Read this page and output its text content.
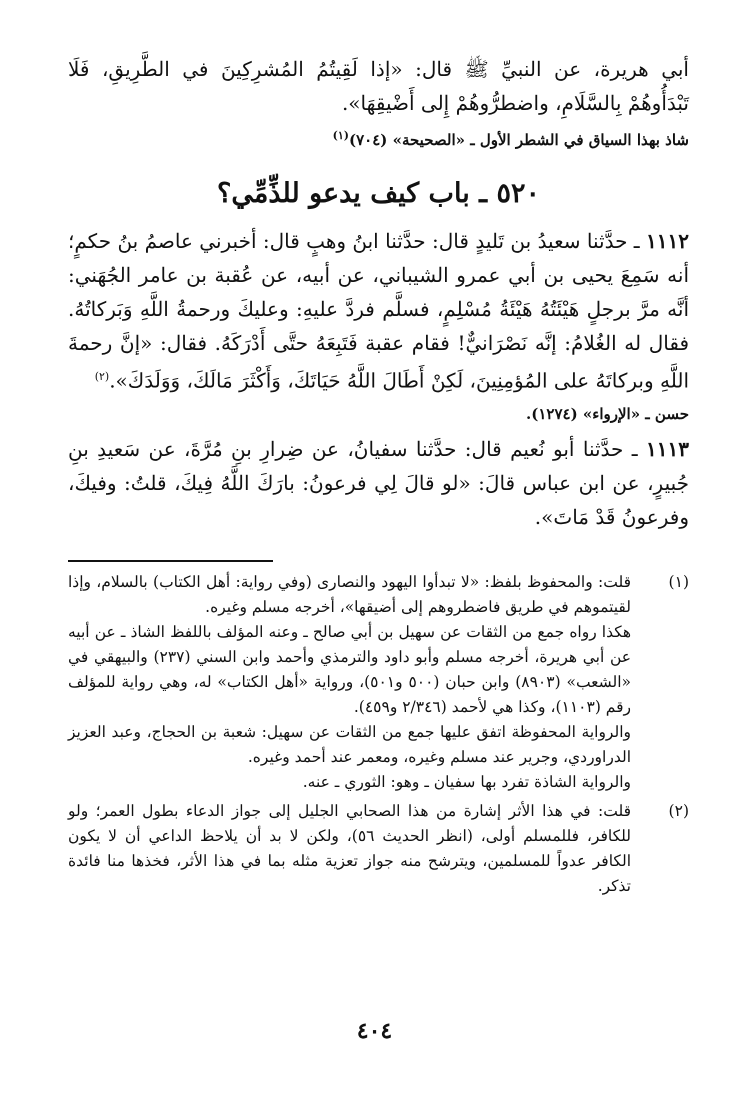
أبي هريرة، عن النبيِّ ﷺ قال: «إذا لَقِيتُمُ المُشرِكِينَ في الطَّرِيقِ، فَلَا تَبْدَأُوهُمْ بِالسَّلَامِ، واضطرُّوهُمْ إِلى أَضْيقِهَا».

شاذ بهذا السياق في الشطر الأول ـ «الصحيحة» (٧٠٤)$^{(١)}$
٥٢٠ ـ باب كيف يدعو للذِّمِّي؟

١١١٢ ـ حدَّثنا سعيدُ بن تَليدٍ قال: حدَّثنا ابنُ وهبٍ قال: أخبرني عاصمُ بنُ حكمٍ؛ أنه سَمِعَ يحيى بن أبي عمرو الشيباني، عن أبيه، عن عُقبة بن عامر الجُهَني: أنَّه مرَّ برجلٍ هَيْئَتُهُ هَيْئَةُ مُسْلِمٍ، فسلَّم فردَّ عليهِ: وعليكَ ورحمةُ اللَّهِ وَبَركاتُهُ. فقال له الغُلامُ: إنَّه نَصْرَانيٌّ! فقام عقبة فَتَبِعَهُ حتَّى أَدْرَكَهُ. فقال: «إنَّ رحمةَ اللَّهِ وبركاتَهُ على المُؤمِنِينَ، لَكِنْ أَطَالَ اللَّهُ حَيَاتَكَ، وَأَكْثَرَ مَالَكَ، وَوَلَدَكَ».$^{(٢)}$

حسن ـ «الإرواء» (١٢٧٤).

١١١٣ ـ حدَّثنا أبو نُعيم قال: حدَّثنا سفيانُ، عن ضِرارِ بنِ مُرَّةَ، عن سَعيدِ بنِ جُبيرٍ، عن ابن عباس قالَ: «لو قالَ لِي فرعونُ: بارَكَ اللَّهُ فِيكَ، قلتُ: وفيكَ، وفرعونُ قَدْ مَاتَ».

(١)

قلت: والمحفوظ بلفظ: «لا تبدأوا اليهود والنصارى (وفي رواية: أهل الكتاب) بالسلام، وإذا لقيتموهم في طريق فاضطروهم إلى أضيقها»، أخرجه مسلم وغيره.

هكذا رواه جمع من الثقات عن سهيل بن أبي صالح ـ وعنه المؤلف باللفظ الشاذ ـ عن أبيه عن أبي هريرة، أخرجه مسلم وأبو داود والترمذي وأحمد وابن السني (٢٣٧) والبيهقي في «الشعب» (٨٩٠٣) وابن حبان (٥٠٠ و٥٠١)، ورواية «أهل الكتاب» له، وهي رواية للمؤلف رقم (١١٠٣)، وكذا هي لأحمد (٢/٣٤٦ و٤٥٩).

والرواية المحفوظة اتفق عليها جمع من الثقات عن سهيل: شعبة بن الحجاج، وعبد العزيز الدراوردي، وجرير عند مسلم وغيره، ومعمر عند أحمد وغيره.

والرواية الشاذة تفرد بها سفيان ـ وهو: الثوري ـ عنه.

(٢)

قلت: في هذا الأثر إشارة من هذا الصحابي الجليل إلى جواز الدعاء بطول العمر؛ ولو للكافر، فللمسلم أولى، (انظر الحديث ٥٦)، ولكن لا بد أن يلاحظ الداعي أن لا يكون الكافر عدواً للمسلمين، ويترشح منه جواز تعزية مثله بما في هذا الأثر، فخذها منا فائدة تذكر.

٤٠٤
